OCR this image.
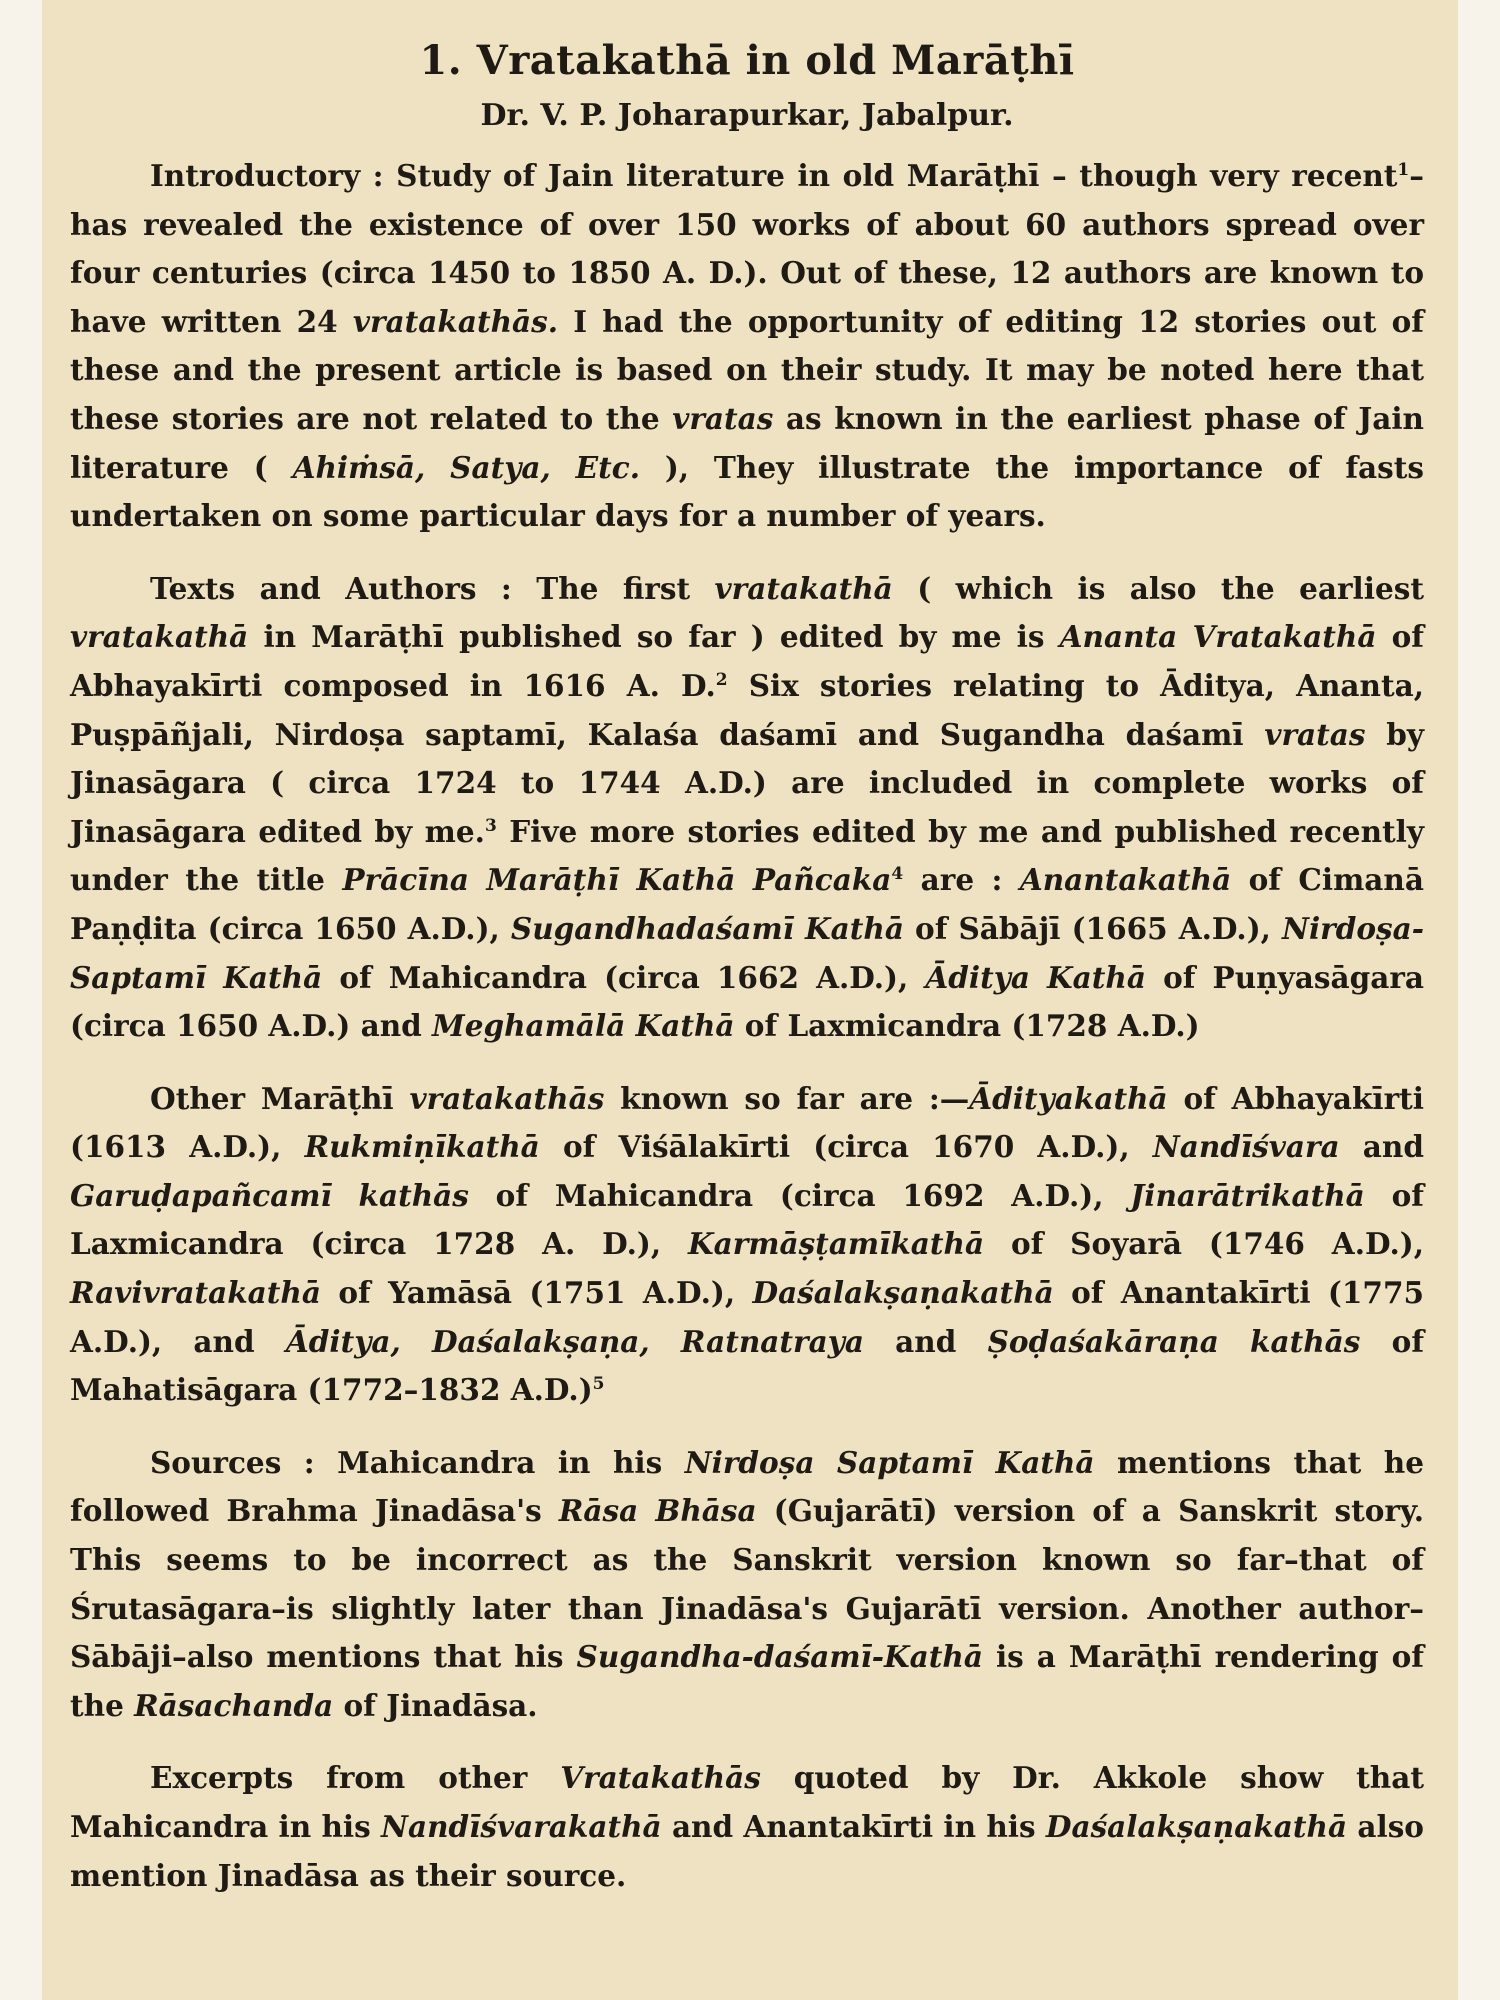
1. Vratakathā in old Marāṭhī
Dr. V. P. Joharapurkar, Jabalpur.

Introductory : Study of Jain literature in old Marāṭhī – though very recent$^1$–has revealed the existence of over 150 works of about 60 authors spread over four centuries (circa 1450 to 1850 A. D.). Out of these, 12 authors are known to have written 24 vratakathās. I had the opportunity of editing 12 stories out of these and the present article is based on their study. It may be noted here that these stories are not related to the vratas as known in the earliest phase of Jain literature ( Ahiṁsā, Satya, Etc. ), They illustrate the importance of fasts undertaken on some particular days for a number of years.

Texts and Authors : The first vratakathā ( which is also the earliest vratakathā in Marāṭhī published so far ) edited by me is Ananta Vratakathā of Abhayakīrti composed in 1616 A. D.$^2$ Six stories relating to Āditya, Ananta, Puṣpāñjali, Nirdoṣa saptamī, Kalaśa daśamī and Sugandha daśamī vratas by Jinasāgara ( circa 1724 to 1744 A.D.) are included in complete works of Jinasāgara edited by me.$^3$ Five more stories edited by me and published recently under the title Prācīna Marāṭhī Kathā Pañcaka$^4$ are : Anantakathā of Cimanā Paṇḍita (circa 1650 A.D.), Sugandhadaśamī Kathā of Sābājī (1665 A.D.), Nirdoṣa-Saptamī Kathā of Mahicandra (circa 1662 A.D.), Āditya Kathā of Puṇyasāgara (circa 1650 A.D.) and Meghamālā Kathā of Laxmicandra (1728 A.D.)

Other Marāṭhī vratakathās known so far are :—Ādityakathā of Abhayakīrti (1613 A.D.), Rukmiṇīkathā of Viśālakīrti (circa 1670 A.D.), Nandīśvara and Garuḍapañcamī kathās of Mahicandra (circa 1692 A.D.), Jinarātrikathā of Laxmicandra (circa 1728 A. D.), Karmāṣṭamīkathā of Soyarā (1746 A.D.), Ravivratakathā of Yamāsā (1751 A.D.), Daśalakṣaṇakathā of Anantakīrti (1775 A.D.), and Āditya, Daśalakṣaṇa, Ratnatraya and Ṣoḍaśakāraṇa kathās of Mahatisāgara (1772–1832 A.D.)$^5$

Sources : Mahicandra in his Nirdoṣa Saptamī Kathā mentions that he followed Brahma Jinadāsa's Rāsa Bhāsa (Gujarātī) version of a Sanskrit story. This seems to be incorrect as the Sanskrit version known so far–that of Śrutasāgara–is slightly later than Jinadāsa's Gujarātī version. Another author–Sābāji–also mentions that his Sugandha-daśamī-Kathā is a Marāṭhī rendering of the Rāsachanda of Jinadāsa.

Excerpts from other Vratakathās quoted by Dr. Akkole show that Mahicandra in his Nandīśvarakathā and Anantakīrti in his Daśalakṣaṇakathā also mention Jinadāsa as their source.
